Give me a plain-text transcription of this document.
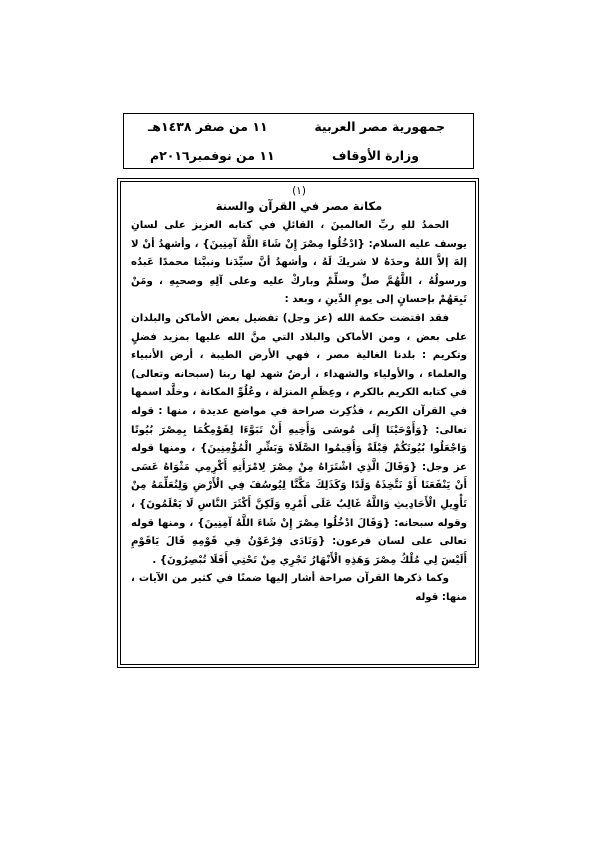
جمهورية مصر العربية
١١ من صفر ١٤٣٨هـ
وزارة الأوقاف
١١ من نوفمبر٢٠١٦م
(١)
مكانة مصر في القرآن والسنة

الحمدُ للهِ ربِّ العالمينَ ، القائلِ في كتابه العزيز على لسانِ يوسف عليه السلام: {ادْخُلُوا مِصْرَ إِنْ شَاءَ اللَّهُ آمِنِينَ} ، وأشهدُ أنْ لا إلهَ إلاَّ اللهُ وحدَهُ لا شريكَ لَهُ ، وأشهدُ أنَّ سيِّدَنا ونبيَّنا محمدًا عَبدُه ورسولُهُ ، اللَّهُمَّ صلِّ وسلِّمْ وباركْ عليه وعلى آلِهِ وصحبِهِ ، ومَنْ تَبِعَهُمْ بإحسانٍ إلى يومِ الدِّينِ ، وبعد :

فقد اقتضت حكمة الله (عز وجل) تفضيل بعض الأماكن والبلدان على بعض ، ومن الأماكن والبلاد التي منَّ الله عليها بمزيد فضلٍ وتكريم : بلدنا الغالية مصر ، فهي الأرض الطيبة ، أرض الأنبياء والعلماء ، والأولياء والشهداء ، أرضٌ شهد لها ربنا (سبحانه وتعالى) في كتابه الكريم بالكرم ، وعِظَمِ المنزلة ، وعُلُوِّ المكانة ، وخلَّد اسمها في القرآن الكريم ، فذُكِرت صراحة في مواضع عديدة ، منها : قوله تعالى: {وَأَوْحَيْنَا إِلَى مُوسَى وَأَخِيهِ أَنْ تَبَوَّءَا لِقَوْمِكُمَا بِمِصْرَ بُيُوتًا وَاجْعَلُوا بُيُوتَكُمْ قِبْلَةً وَأَقِيمُوا الصَّلَاةَ وَبَشِّرِ الْمُؤْمِنِينَ} ، ومنها قوله عز وجل: {وَقَالَ الَّذِي اشْتَرَاهُ مِنْ مِصْرَ لِامْرَأَتِهِ أَكْرِمِي مَثْوَاهُ عَسَى أَنْ يَنْفَعَنَا أَوْ نَتَّخِذَهُ وَلَدًا وَكَذَلِكَ مَكَّنَّا لِيُوسُفَ فِي الْأَرْضِ وَلِنُعَلِّمَهُ مِنْ تَأْوِيلِ الْأَحَادِيثِ وَاللَّهُ غَالِبٌ عَلَى أَمْرِهِ وَلَكِنَّ أَكْثَرَ النَّاسِ لَا يَعْلَمُونَ} ، وقوله سبحانه: {وَقَالَ ادْخُلُوا مِصْرَ إِنْ شَاءَ اللَّهُ آمِنِينَ} ، ومنها قوله تعالى على لسان فرعون: {وَنَادَى فِرْعَوْنُ فِي قَوْمِهِ قَالَ يَاقَوْمِ أَلَيْسَ لِي مُلْكُ مِصْرَ وَهَذِهِ الْأَنْهَارُ تَجْرِي مِنْ تَحْتِي أَفَلَا تُبْصِرُونَ} .

وكما ذكرها القرآن صراحة أشار إليها ضمنًا في كثير من الآيات ، منها: قوله
